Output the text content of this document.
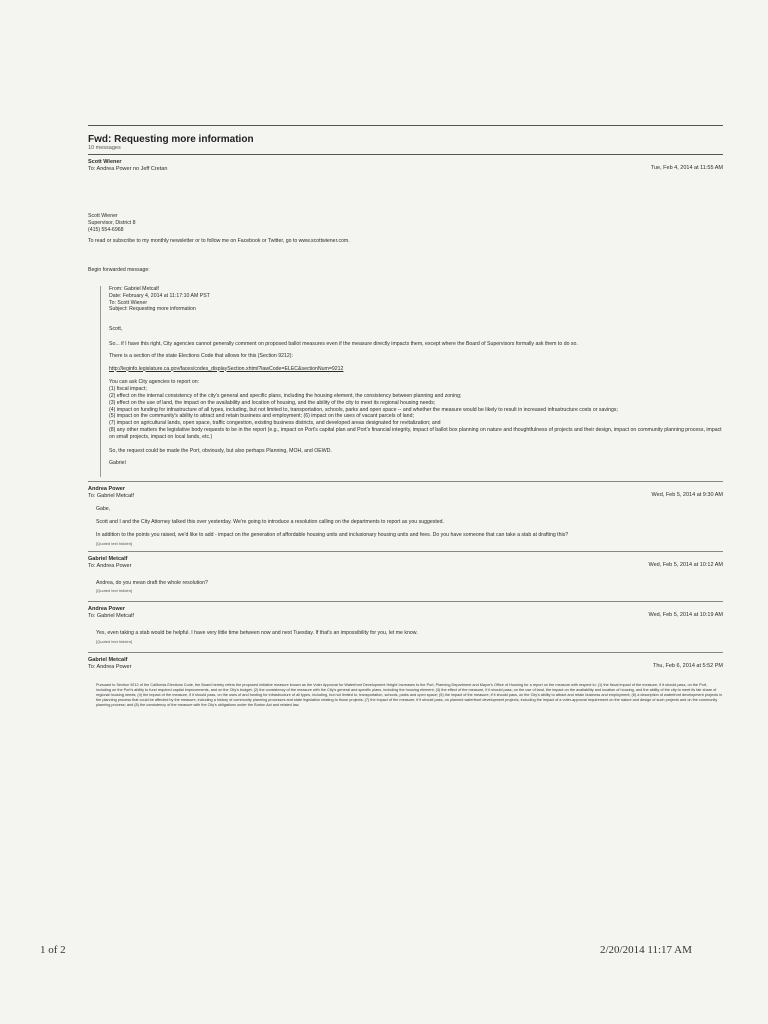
Fwd: Requesting more information
10 messages
Scott Wiener
To: Andrea Power no Jeff Cretan	Tue, Feb 4, 2014 at 11:55 AM

Scott Wiener

Supervisor, District 8

(415) 554-6968

To read or subscribe to my monthly newsletter or to follow me on Facebook or Twitter, go to www.scottwiener.com.

Begin forwarded message:

From: Gabriel Metcalf

Date: February 4, 2014 at 11:17:10 AM PST

To: Scott Wiener

Subject: Requesting more information

Scott,

So... if I have this right, City agencies cannot generally comment on proposed ballot measures even if the measure directly impacts them, except where the Board of Supervisors formally ask them to do so.

There is a section of the state Elections Code that allows for this (Section 9212):

http://leginfo.legislature.ca.gov/faces/codes_displaySection.xhtml?lawCode=ELEC&sectionNum=9212

You can ask City agencies to report on:

(1) fiscal impact;

(2) effect on the internal consistency of the city's general and specific plans, including the housing element, the consistency between planning and zoning;

(3) effect on the use of land, the impact on the availability and location of housing, and the ability of the city to meet its regional housing needs;

(4) impact on funding for infrastructure of all types, including, but not limited to, transportation, schools, parks and open space -- and whether the measure would be likely to result in increased infrastructure costs or savings;

(5) impact on the community's ability to attract and retain business and employment; (6) impact on the uses of vacant parcels of land;

(7) impact on agricultural lands, open space, traffic congestion, existing business districts, and developed areas designated for revitalization; and

(8) any other matters the legislative body requests to be in the report (e.g., impact on Port's capital plan and Port's financial integrity, impact of ballot box planning on nature and thoughtfulness of projects and their design, impact on community planning process, impact on small projects, impact on local lands, etc.)

So, the request could be made the Port, obviously, but also perhaps Planning, MOH, and OEWD.

Gabriel

Andrea Power
To: Gabriel Metcalf	Wed, Feb 5, 2014 at 9:30 AM

Gabe,

Scott and I and the City Attorney talked this over yesterday. We're going to introduce a resolution calling on the departments to report as you suggested.

In addition to the points you raised, we'd like to add - impact on the generation of affordable housing units and inclusionary housing units and fees. Do you have someone that can take a stab at drafting this?

[Quoted text hidden]
Gabriel Metcalf
To: Andrea Power	Wed, Feb 5, 2014 at 10:12 AM

Andrea, do you mean draft the whole resolution?

[Quoted text hidden]
Andrea Power
To: Gabriel Metcalf	Wed, Feb 5, 2014 at 10:19 AM

Yes, even taking a stab would be helpful. I have very little time between now and next Tuesday. If that's an impossibility for you, let me know.

[Quoted text hidden]
Gabriel Metcalf
To: Andrea Power	Thu, Feb 6, 2014 at 5:52 PM

Pursuant to Section 9212 of the California Elections Code, the Board hereby refers the proposed initiative measure known as the Voter Approval for Waterfront Development Height Increases to the Port, Planning Department and Mayor's Office of Housing for a report on the measure with respect to: (1) the fiscal impact of the measure, if it should pass, on the Port, including on the Port's ability to fund required capital improvements, and on the City's budget; (2) the consistency of the measure with the City's general and specific plans, including the housing element; (3) the effect of the measure, if it should pass, on the use of land, the impact on the availability and location of housing, and the ability of the city to meet its fair share of regional housing needs; (4) the impact of the measure, if it should pass, on the uses of and funding for infrastructure of all types, including, but not limited to, transportation, schools, parks and open space; (5) the impact of the measure, if it should pass, on the City's ability to attract and retain business and employment; (6) a description of waterfront development projects in the planning process that could be affected by the measure, including a history of community planning processes and state legislation relating to those projects; (7) the impact of the measure, if it should pass, on planned waterfront development projects, including the impact of a voter-approval requirement on the nature and design of such projects and on the community planning process; and (8) the consistency of the measure with the City's obligations under the Burton Act and related law.

1 of 2	2/20/2014 11:17 AM
